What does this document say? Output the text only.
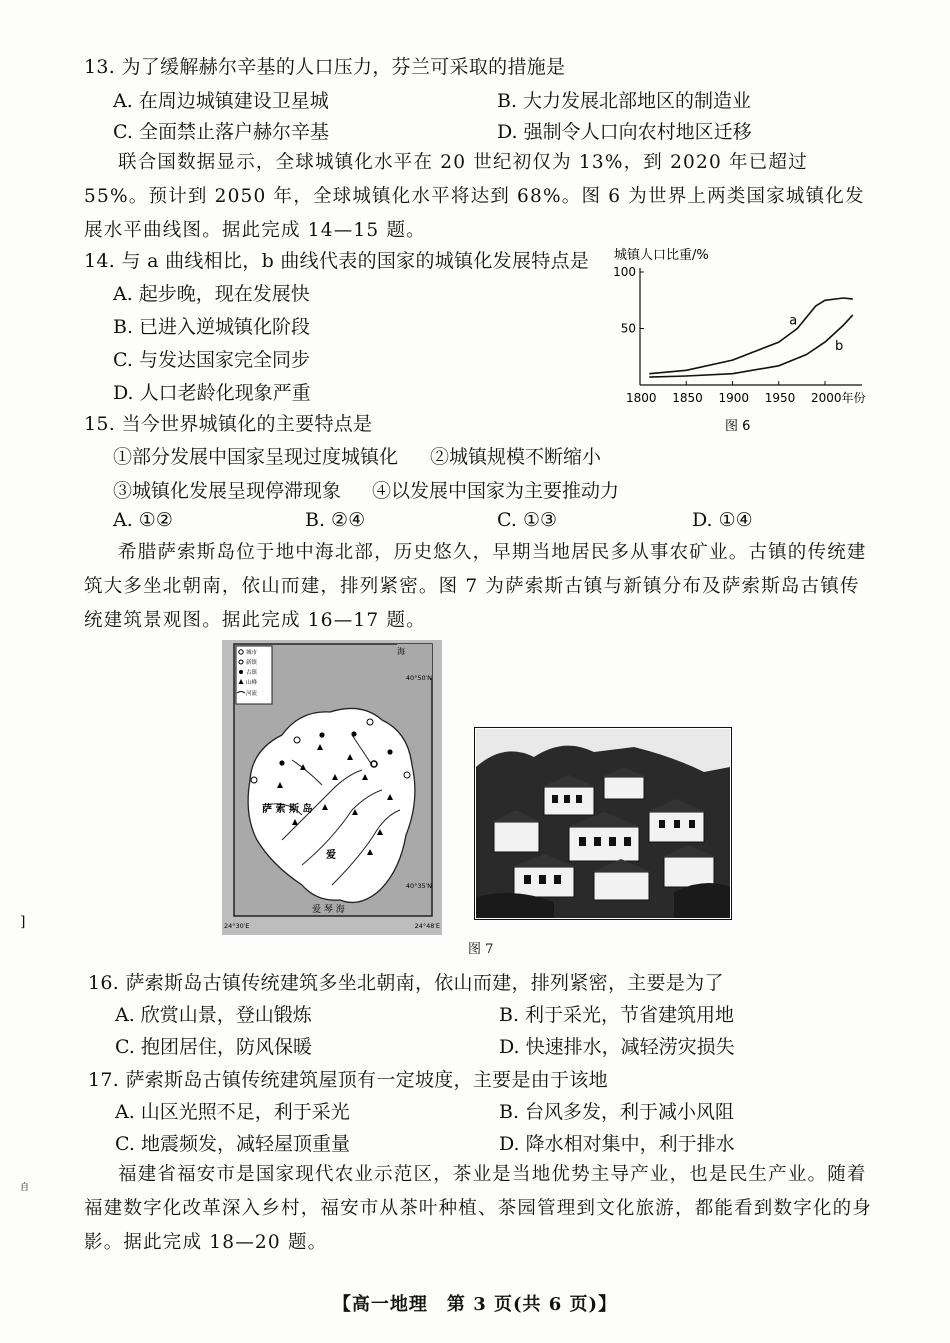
13. 为了缓解赫尔辛基的人口压力，芬兰可采取的措施是
A. 在周边城镇建设卫星城	B. 大力发展北部地区的制造业
C. 全面禁止落户赫尔辛基	D. 强制令人口向农村地区迁移
联合国数据显示，全球城镇化水平在 20 世纪初仅为 13%，到 2020 年已超过 55%。预计到 2050 年，全球城镇化水平将达到 68%。图 6 为世界上两类国家城镇化发展水平曲线图。据此完成 14—15 题。
14. 与 a 曲线相比，b 曲线代表的国家的城镇化发展特点是
A. 起步晚，现在发展快
B. 已进入逆城镇化阶段
C. 与发达国家完全同步
D. 人口老龄化现象严重
城镇人口比重/%
图 6
50
100
1800 1850 1900 1950 2000年份
a
b
15. 当今世界城镇化的主要特点是
①部分发展中国家呈现过度城镇化 ②城镇规模不断缩小
③城镇化发展呈现停滞现象 ④以发展中国家为主要推动力
A. ①②	B. ②④	C. ①③	D. ①④
希腊萨索斯岛位于地中海北部，历史悠久，早期当地居民多从事农矿业。古镇的传统建筑大多坐北朝南，依山而建，排列紧密。图 7 为萨索斯古镇与新镇分布及萨索斯岛古镇传统建筑景观图。据此完成 16—17 题。
城市
新镇
古镇
山峰
河流
海
萨 索 斯 岛
爱
40°50′N
40°35′N
24°30′E	24°48′E
爱 琴 海
图 7
]
自
16. 萨索斯岛古镇传统建筑多坐北朝南，依山而建，排列紧密，主要是为了
A. 欣赏山景，登山锻炼	B. 利于采光，节省建筑用地
C. 抱团居住，防风保暖	D. 快速排水，减轻涝灾损失
17. 萨索斯岛古镇传统建筑屋顶有一定坡度，主要是由于该地
A. 山区光照不足，利于采光	B. 台风多发，利于减小风阻
C. 地震频发，减轻屋顶重量	D. 降水相对集中，利于排水
福建省福安市是国家现代农业示范区，茶业是当地优势主导产业，也是民生产业。随着福建数字化改革深入乡村，福安市从茶叶种植、茶园管理到文化旅游，都能看到数字化的身影。据此完成 18—20 题。
【高一地理　第 3 页(共 6 页)】
